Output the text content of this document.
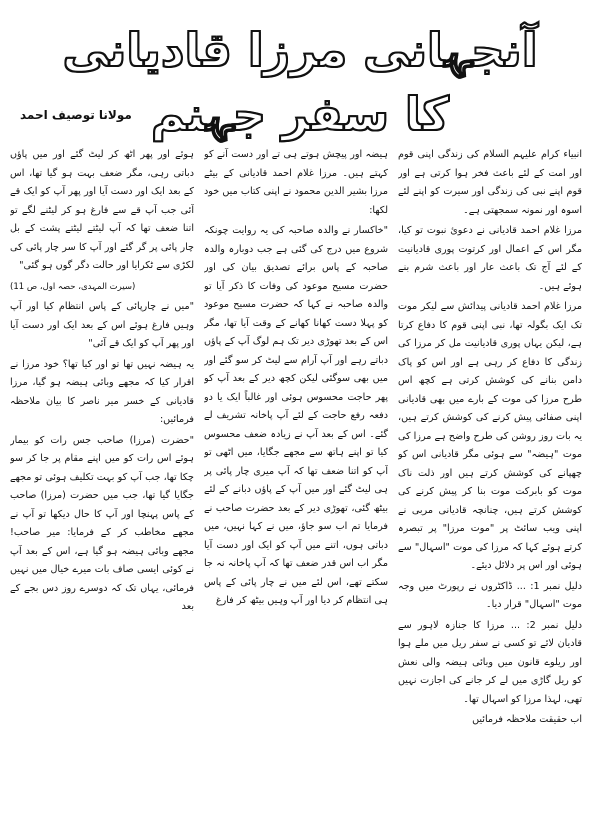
آنجہانی مرزا قادیانی کا سفر جہنم
مولانا توصیف احمد

انبیاء کرام علیہم السلام کی زندگی اپنی قوم اور امت کے لئے باعث فخر ہوا کرتی ہے اور قوم اپنے نبی کی زندگی اور سیرت کو اپنے لئے اسوہ اور نمونہ سمجھتی ہے۔

مرزا غلام احمد قادیانی نے دعوئ نبوت تو کیا، مگر اس کے اعمال اور کرتوت پوری قادیانیت کے لئے آج تک باعث عار اور باعث شرم بنے ہوئے ہیں۔

مرزا غلام احمد قادیانی پیدائش سے لیکر موت تک ایک بگولہ تھا، نبی اپنی قوم کا دفاع کرتا ہے، لیکن یہاں پوری قادیانیت مل کر مرزا کی زندگی کا دفاع کر رہی ہے اور اس کو پاک دامن بنانے کی کوشش کرتی ہے کچھ اس طرح مرزا کی موت کے بارے میں بھی قادیانی اپنی صفائی پیش کرنے کی کوشش کرتے ہیں، یہ بات روز روشن کی طرح واضح ہے مرزا کی موت "ہیضہ" سے ہوئی مگر قادیانی اس کو چھپانے کی کوشش کرتے ہیں اور ذلت ناک موت کو بابرکت موت بنا کر پیش کرنے کی کوشش کرتے ہیں، چنانچہ قادیانی مربی نے اپنی ویب سائٹ پر "موت مرزا" پر تبصرہ کرتے ہوئے کہا کہ مرزا کی موت "اسہال" سے ہوئی اور اس پر دلائل دیئے۔

دلیل نمبر 1: ... ڈاکٹروں نے رپورٹ میں وجہ موت "اسہال" قرار دیا۔

دلیل نمبر 2: ... مرزا کا جنازہ لاہور سے قادیان لائے تو کسی نے سفر ریل میں ملے ہوا اور ریلوے قانون میں وبائی ہیضہ والی نعش کو ریل گاڑی میں لے کر جانے کی اجازت نہیں تھی، لہذا مرزا کو اسہال تھا۔

اب حقیقت ملاحظہ فرمائیں

ہیضہ اور پیچش ہوتے ہی تے اور دست آنے کو کہتے ہیں۔ مرزا غلام احمد قادیانی کے بیٹے مرزا بشیر الدین محمود نے اپنی کتاب میں خود لکھا:

"خاکسار نے والدہ صاحبہ کی یہ روایت چونکہ شروع میں درج کی گئی ہے جب دوبارہ والدہ صاحبہ کے پاس برائے تصدیق بیان کی اور حضرت مسیح موعود کی وفات کا ذکر آیا تو والدہ صاحبہ نے کہا کہ حضرت مسیح موعود کو پہلا دست کھانا کھانے کے وقت آیا تھا، مگر اس کے بعد تھوڑی دیر تک ہم لوگ آپ کے پاؤں دباتے رہے اور آپ آرام سے لیٹ کر سو گئے اور میں بھی سوگئی لیکن کچھ دیر کے بعد آپ کو پھر حاجت محسوس ہوئی اور غالباً ایک یا دو دفعہ رفع حاجت کے لئے آپ پاخانہ تشریف لے گئے۔ اس کے بعد آپ نے زیادہ ضعف محسوس کیا تو اپنے ہاتھ سے مجھے جگایا، میں اٹھی تو آپ کو اتنا ضعف تھا کہ آپ میری چار پائی پر ہی لیٹ گئے اور میں آپ کے پاؤں دبانے کے لئے بیٹھ گئی، تھوڑی دیر کے بعد حضرت صاحب نے فرمایا تم اب سو جاؤ، میں نے کہا نہیں، میں دباتی ہوں، اتنے میں آپ کو ایک اور دست آیا مگر اب اس قدر ضعف تھا کہ آپ پاخانہ نہ جا سکتے تھے، اس لئے میں نے چار پائی کے پاس ہی انتظام کر دیا اور آپ وہیں بیٹھ کر فارغ

ہوئے اور پھر اٹھ کر لیٹ گئے اور میں پاؤں دباتی رہی، مگر ضعف بہت ہو گیا تھا، اس کے بعد ایک اور دست آیا اور پھر آپ کو ایک قے آئی جب آپ قے سے فارغ ہو کر لیٹنے لگے تو اتنا ضعف تھا کہ آپ لیٹتے لیٹتے پشت کے بل چار پائی پر گر گئے اور آپ کا سر چار پائی کی لکڑی سے ٹکرایا اور حالت دگر گوں ہو گئی"

(سیرت المہدی، حصہ اول، ص 11)

"میں نے چارپائی کے پاس انتظام کیا اور آپ وہیں فارغ ہوئے اس کے بعد ایک اور دست آیا اور پھر آپ کو ایک قے آئی"

یہ ہیضہ نہیں تھا تو اور کیا تھا؟ خود مرزا نے اقرار کیا کہ مجھے وبائی ہیضہ ہو گیا، مرزا قادیانی کے خسر میر ناصر کا بیان ملاحظہ فرمائیں:

"حضرت (مرزا) صاحب جس رات کو بیمار ہوئے اس رات کو میں اپنے مقام پر جا کر سو چکا تھا، جب آپ کو بہت تکلیف ہوئی تو مجھے جگایا گیا تھا، جب میں حضرت (مرزا) صاحب کے پاس پہنچا اور آپ کا حال دیکھا تو آپ نے مجھے مخاطب کر کے فرمایا: میر صاحب! مجھے وبائی ہیضہ ہو گیا ہے، اس کے بعد آپ نے کوئی ایسی صاف بات میرے خیال میں نہیں فرمائی، یہاں تک کہ دوسرے روز دس بجے کے بعد
